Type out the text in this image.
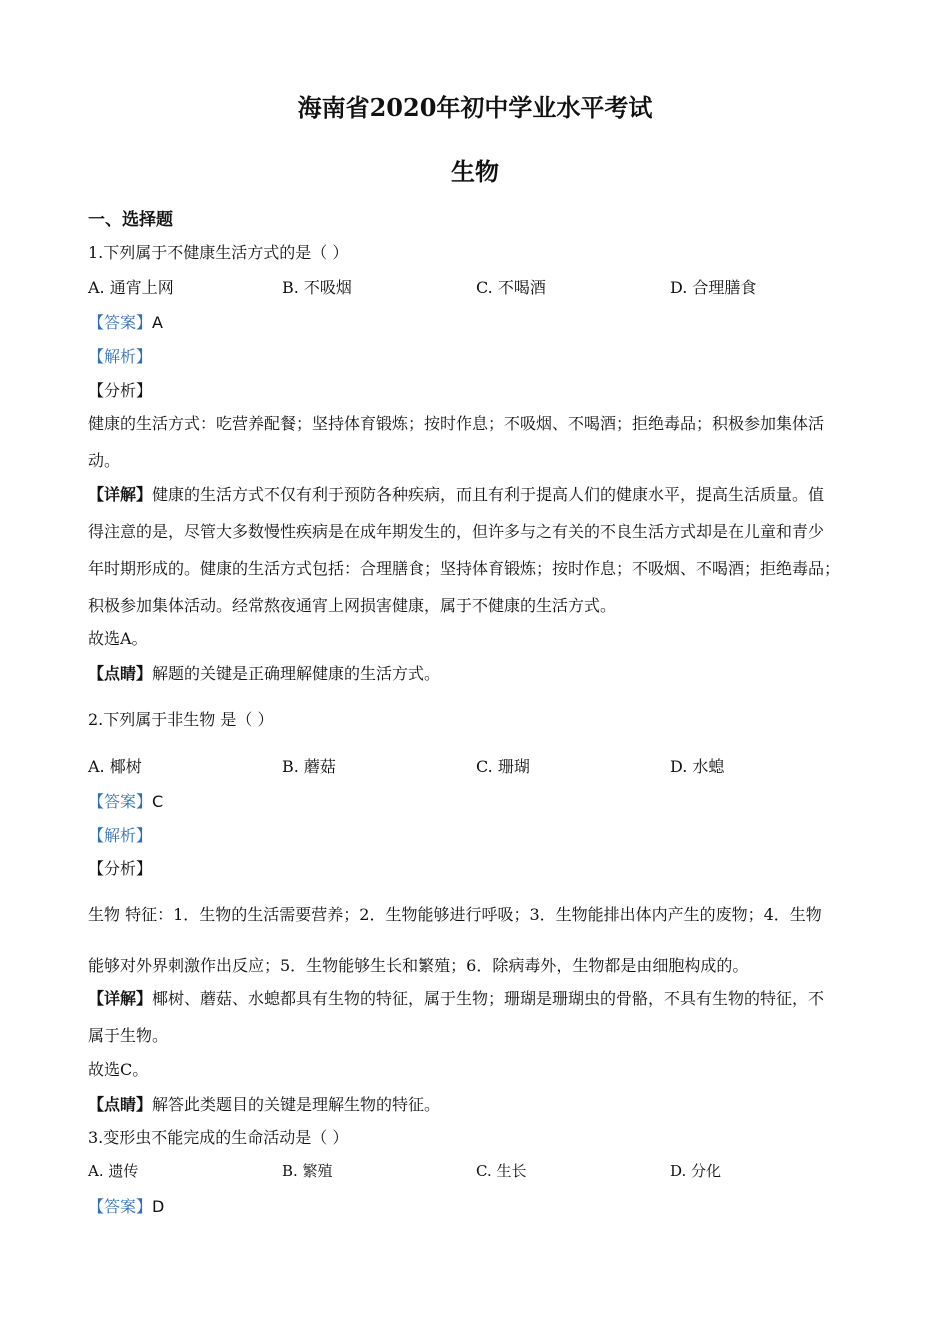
海南省2020年初中学业水平考试
生物
一、选择题
1.下列属于不健康生活方式的是（ ）
A. 通宵上网	B. 不吸烟	C. 不喝酒	D. 合理膳食
【答案】A
【解析】
【分析】
健康的生活方式：吃营养配餐；坚持体育锻炼；按时作息；不吸烟、不喝酒；拒绝毒品；积极参加集体活
动。
【详解】健康的生活方式不仅有利于预防各种疾病，而且有利于提高人们的健康水平，提高生活质量。值
得注意的是，尽管大多数慢性疾病是在成年期发生的，但许多与之有关的不良生活方式却是在儿童和青少
年时期形成的。健康的生活方式包括：合理膳食；坚持体育锻炼；按时作息；不吸烟、不喝酒；拒绝毒品；
积极参加集体活动。经常熬夜通宵上网损害健康，属于不健康的生活方式。
故选A。
【点睛】解题的关键是正确理解健康的生活方式。
2.下列属于非生物 是（ ）
A. 椰树	B. 蘑菇	C. 珊瑚	D. 水螅
【答案】C
【解析】
【分析】
生物 特征：1．生物的生活需要营养；2．生物能够进行呼吸；3．生物能排出体内产生的废物；4．生物
能够对外界刺激作出反应；5．生物能够生长和繁殖；6．除病毒外，生物都是由细胞构成的。
【详解】椰树、蘑菇、水螅都具有生物的特征，属于生物；珊瑚是珊瑚虫的骨骼，不具有生物的特征，不
属于生物。
故选C。
【点睛】解答此类题目的关键是理解生物的特征。
3.变形虫不能完成的生命活动是（ ）
A. 遗传	B. 繁殖	C. 生长	D. 分化
【答案】D
